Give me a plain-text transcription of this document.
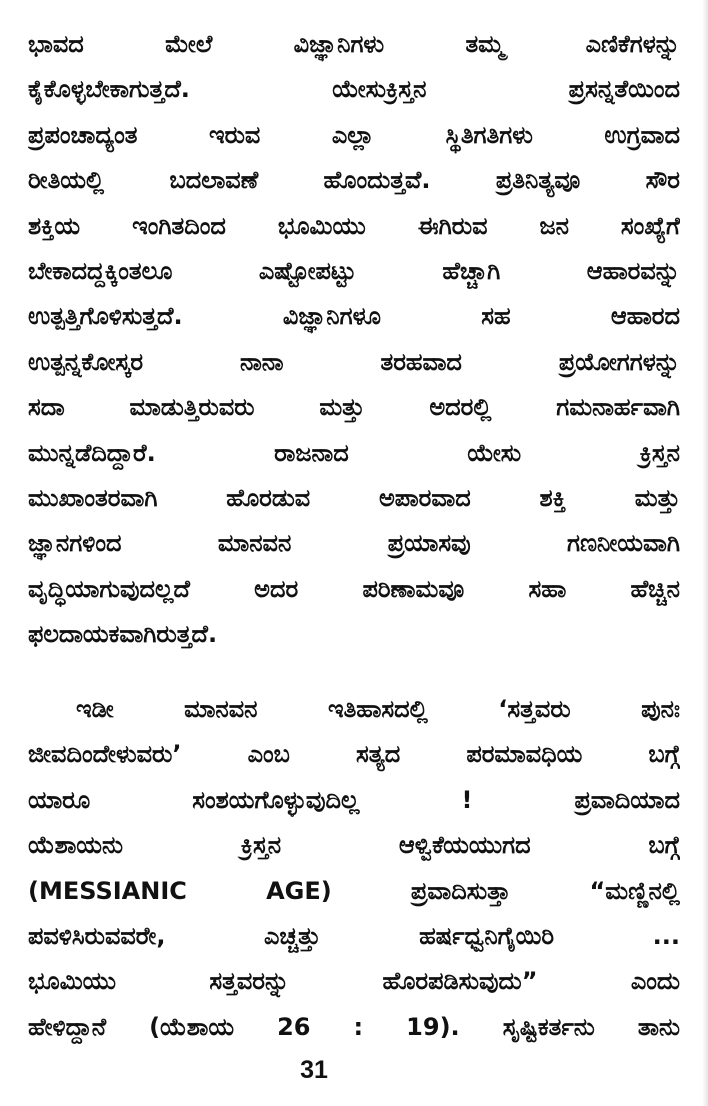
ಭಾವದ ಮೇಲೆ ವಿಜ್ಞಾನಿಗಳು ತಮ್ಮ ಎಣಿಕೆಗಳನ್ನು
ಕೈಕೊಳ್ಳಬೇಕಾಗುತ್ತದೆ. ಯೇಸುಕ್ರಿಸ್ತನ ಪ್ರಸನ್ನತೆಯಿಂದ
ಪ್ರಪಂಚಾದ್ಯಂತ ಇರುವ ಎಲ್ಲಾ ಸ್ಥಿತಿಗತಿಗಳು ಉಗ್ರವಾದ
ರೀತಿಯಲ್ಲಿ ಬದಲಾವಣೆ ಹೊಂದುತ್ತವೆ. ಪ್ರತಿನಿತ್ಯವೂ ಸೌರ
ಶಕ್ತಿಯ ಇಂಗಿತದಿಂದ ಭೂಮಿಯು ಈಗಿರುವ ಜನ ಸಂಖ್ಯೆಗೆ
ಬೇಕಾದದ್ದಕ್ಕಿಂತಲೂ ಎಷ್ಟೋಪಟ್ಟು ಹೆಚ್ಚಾಗಿ ಆಹಾರವನ್ನು
ಉತ್ಪತ್ತಿಗೊಳಿಸುತ್ತದೆ. ವಿಜ್ಞಾನಿಗಳೂ ಸಹ ಆಹಾರದ
ಉತ್ಪನ್ನಕೋಸ್ಕರ ನಾನಾ ತರಹವಾದ ಪ್ರಯೋಗಗಳನ್ನು
ಸದಾ ಮಾಡುತ್ತಿರುವರು ಮತ್ತು ಅದರಲ್ಲಿ ಗಮನಾರ್ಹವಾಗಿ
ಮುನ್ನಡೆದಿದ್ದಾರೆ. ರಾಜನಾದ ಯೇಸು ಕ್ರಿಸ್ತನ
ಮುಖಾಂತರವಾಗಿ ಹೊರಡುವ ಅಪಾರವಾದ ಶಕ್ತಿ ಮತ್ತು
ಜ್ಞಾನಗಳಿಂದ ಮಾನವನ ಪ್ರಯಾಸವು ಗಣನೀಯವಾಗಿ
ವೃದ್ಧಿಯಾಗುವುದಲ್ಲದೆ ಅದರ ಪರಿಣಾಮವೂ ಸಹಾ ಹೆಚ್ಚಿನ
ಫಲದಾಯಕವಾಗಿರುತ್ತದೆ.
ಇಡೀ ಮಾನವನ ಇತಿಹಾಸದಲ್ಲಿ ‘ಸತ್ತವರು ಪುನಃ
ಜೀವದಿಂದೇಳುವರು’ ಎಂಬ ಸತ್ಯದ ಪರಮಾವಧಿಯ ಬಗ್ಗೆ
ಯಾರೂ ಸಂಶಯಗೊಳ್ಳುವುದಿಲ್ಲ ! ಪ್ರವಾದಿಯಾದ
ಯೆಶಾಯನು ಕ್ರಿಸ್ತನ ಆಳ್ವಿಕೆಯಯುಗದ ಬಗ್ಗೆ
(MESSIANIC AGE) ಪ್ರವಾದಿಸುತ್ತಾ “ಮಣ್ಣಿನಲ್ಲಿ
ಪವಳಿಸಿರುವವರೇ, ಎಚ್ಚತ್ತು ಹರ್ಷಧ್ವನಿಗೈಯಿರಿ ...
ಭೂಮಿಯು ಸತ್ತವರನ್ನು ಹೊರಪಡಿಸುವುದು” ಎಂದು
ಹೇಳಿದ್ದಾನೆ (ಯೆಶಾಯ 26 : 19). ಸೃಷ್ಟಿಕರ್ತನು ತಾನು
31
